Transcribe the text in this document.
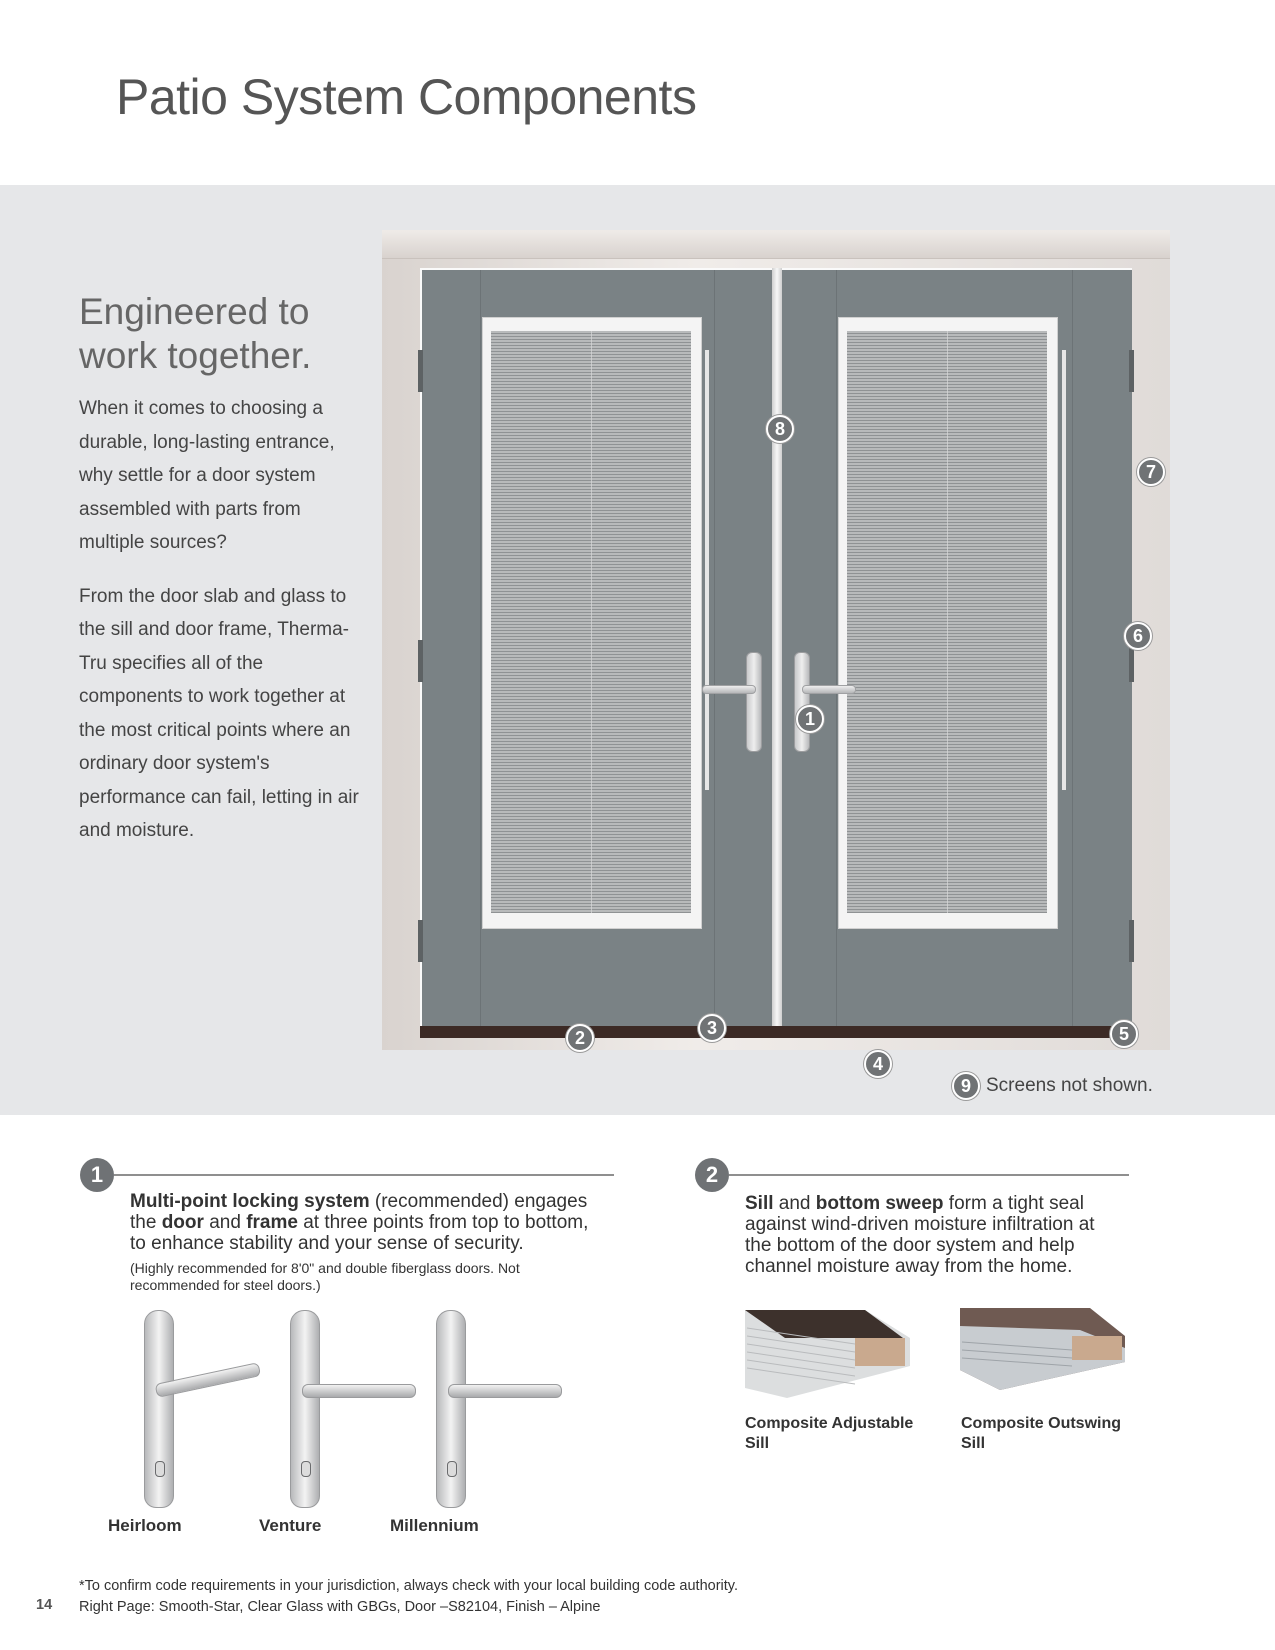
Patio System Components
Engineered to work together.

When it comes to choosing a durable, long-lasting entrance, why settle for a door system assembled with parts from multiple sources?

From the door slab and glass to the sill and door frame, Therma-Tru specifies all of the components to work together at the most critical points where an ordinary door system's performance can fail, letting in air and moisture.

1
2	3
4
5
6
7
8
9 Screens not shown.
1
Multi-point locking system (recommended) engages the door and frame at three points from top to bottom, to enhance stability and your sense of security.
(Highly recommended for 8'0" and double fiberglass doors. Not recommended for steel doors.)
Heirloom	Venture	Millennium
2
Sill and bottom sweep form a tight seal against wind-driven moisture infiltration at the bottom of the door system and help channel moisture away from the home.
Composite Adjustable Sill
Composite Outswing Sill
14
*To confirm code requirements in your jurisdiction, always check with your local building code authority.
Right Page: Smooth-Star, Clear Glass with GBGs, Door –S82104, Finish – Alpine
